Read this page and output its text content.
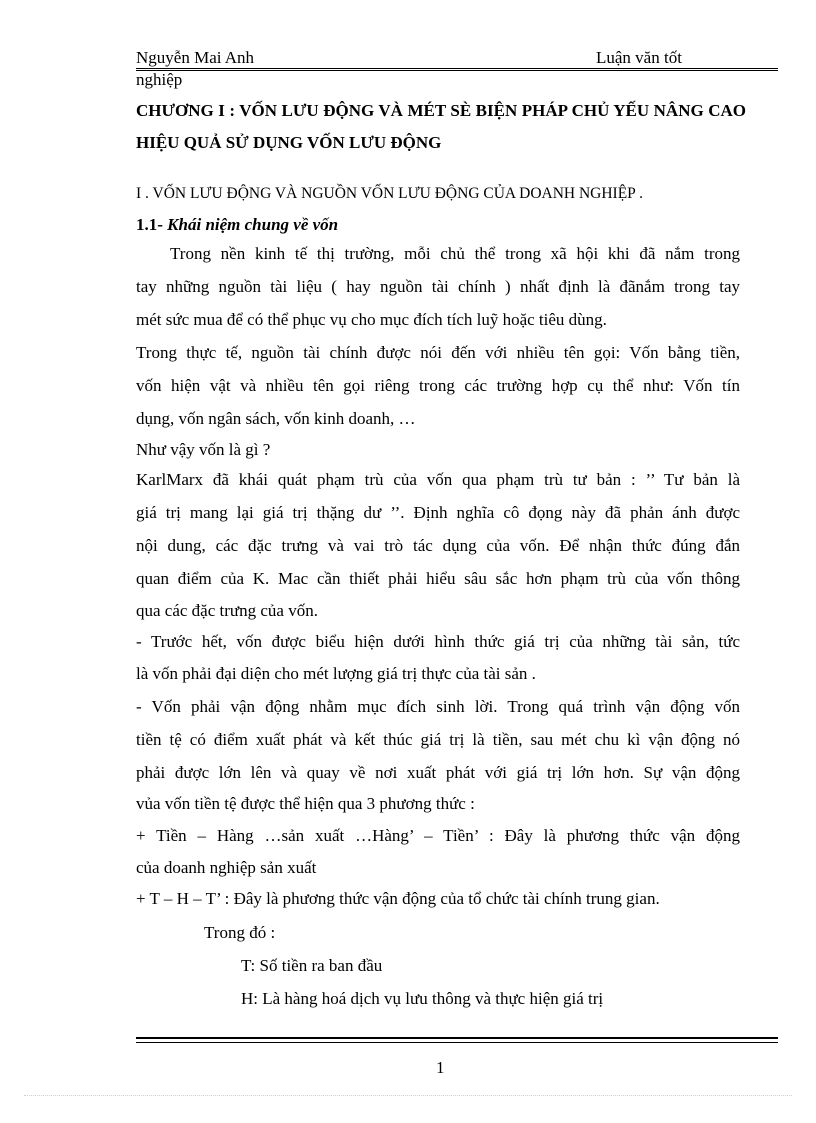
Nguyễn Mai Anh	Luận văn tốt
nghiệp
CHƯƠNG I : VỐN LƯU ĐỘNG VÀ MÉT SÈ BIỆN PHÁP CHỦ YẾU NÂNG CAO HIỆU QUẢ SỬ DỤNG VỐN LƯU ĐỘNG
I . VỐN LƯU ĐỘNG VÀ NGUỒN VỐN LƯU ĐỘNG CỦA DOANH NGHIỆP .
1.1- Khái niệm chung về vốn
Trong nền kinh tế thị trường, mỗi chủ thể trong xã hội khi đã nắm trong
tay những nguồn tài liệu ( hay nguồn tài chính ) nhất định là đãnắm trong tay
mét sức mua để có thể phục vụ cho mục đích tích luỹ hoặc tiêu dùng.
Trong thực tế, nguồn tài chính được nói đến với nhiều tên gọi: Vốn bằng tiền,
vốn hiện vật và nhiều tên gọi riêng trong các trường hợp cụ thể như: Vốn tín
dụng, vốn ngân sách, vốn kinh doanh, …
Như vậy vốn là gì ?
KarlMarx đã khái quát phạm trù của vốn qua phạm trù tư bản : ’’ Tư bản là
giá trị mang lại giá trị thặng dư ’’. Định nghĩa cô đọng này đã phản ánh được
nội dung, các đặc trưng và vai trò tác dụng của vốn. Để nhận thức đúng đắn
quan điểm của K. Mac cần thiết phải hiểu sâu sắc hơn phạm trù của vốn thông
qua các đặc trưng của vốn.
- Trước hết, vốn được biểu hiện dưới hình thức giá trị của những tài sản, tức
là vốn phải đại diện cho mét lượng giá trị thực của tài sản .
- Vốn phải vận động nhằm mục đích sinh lời. Trong quá trình vận động vốn
tiền tệ có điểm xuất phát và kết thúc giá trị là tiền, sau mét chu kì vận động nó
phải được lớn lên và quay về nơi xuất phát với giá trị lớn hơn. Sự vận động
vủa vốn tiền tệ được thể hiện qua 3 phương thức :
+ Tiền – Hàng …sản xuất …Hàng’ – Tiền’ : Đây là phương thức vận động
của doanh nghiệp sản xuất
+ T – H – T’ : Đây là phương thức vận động của tổ chức tài chính trung gian.
Trong đó :
T: Số tiền ra ban đầu
H: Là hàng hoá dịch vụ lưu thông và thực hiện giá trị
1
